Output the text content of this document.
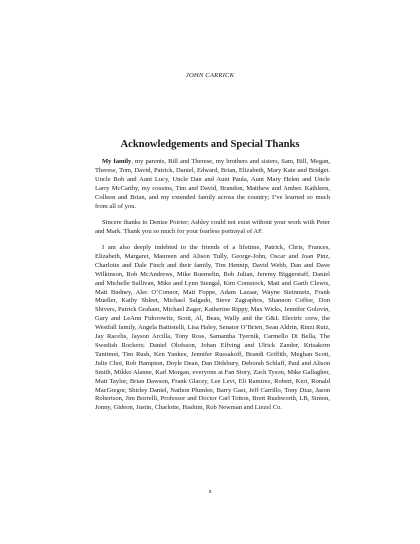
JOHN CARRICK
Acknowledgements and Special Thanks

My family, my parents, Bill and Therese, my brothers and sisters, Sam, Bill, Megan, Therese, Tom, David, Patrick, Daniel, Edward, Brian, Elizabeth, Mary Kate and Bridget. Uncle Bob and Aunt Lucy, Uncle Dan and Aunt Paula, Aunt Mary Helen and Uncle Larry McCarthy, my cousins, Tim and David, Brandon, Matthew and Amber. Kathleen, Colleen and Brian, and my extended family across the country; I’ve learned so much from all of you.

Sincere thanks to Denise Poirier; Ashley could not exist without your work with Peter and Mark. Thank you so much for your fearless portrayal of AF.

I am also deeply indebted to the friends of a lifetime, Patrick, Chris, Frances, Elizabeth, Margaret, Maureen and Alison Tully, George-John, Oscar and Joan Pinz, Charlotte and Dale Finch and their family, Tim Hennip, David Webb, Dan and Dave Wilkinson, Rob McAndrews, Mike Ruemelin, Bob Julian, Jeremy Biggerstaff, Daniel and Michelle Sullivan, Mike and Lynn Stengal, Kim Comstock, Matt and Garth Clewis, Matt Budney, Alec O’Connor, Matt Foppe, Adam Lazaar, Wayne Steinmetz, Frank Mueller, Kathy Shleet, Michael Salgado, Steve Zagraphos, Shannon Coffee, Don Shivers, Patrick Graham, Michael Zager, Katherine Rippy, Max Wicks, Jennifer Golovin, Gary and LeAnn Fidorowitz, Scott, Al, Beau, Wally and the G&L Electric crew, the Westfall family, Angela Battistelli, Lisa Haley, Senator O’Brien, Sean Aldrin, Rinzi Ruiz, Jay Racelis, Jayson Arcilla, Tony Ross, Samantha Tyernik, Carmello Di Bella, The Swedish Rockers; Daniel Olofsson, Johan Elfving and Ulrick Zander, Krisakorn Tanitmet, Tim Rush, Ken Yankee, Jennifer Russakoff, Brandi Griffith, Meghan Scott, Julie Choi, Rob Hampton, Doyle Dean, Dan Didsbury, Deborah Schlaff, Paul and Alison Smith, Mikko Alanne, Karl Morgan, everyone at Fan Story, Zach Tyson, Mike Gallagher, Matt Taylor, Brian Dawson, Frank Glacey, Lee Levi, Eli Ramirez, Robert, Keri, Ronald MacGregor, Shirley Daniel, Nathon Plumlee, Barry Gast, Jeff Carrillo, Tony Diaz, Jason Robertson, Jim Borrelli, Professor and Doctor Carl Totton, Brett Rushworth, LB, Simon, Jonny, Gideon, Justin, Charlotte, Hashim, Rob Newman and Liezel Co.

x
